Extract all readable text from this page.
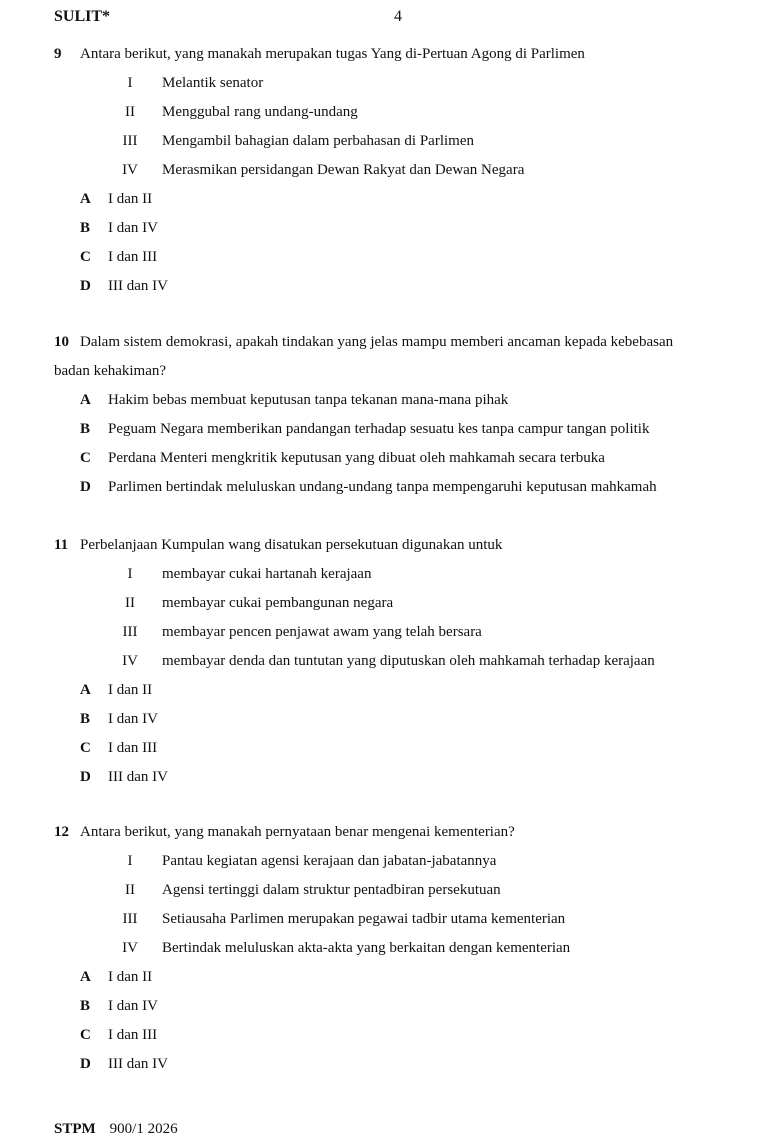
SULIT*	4
9	Antara berikut, yang manakah merupakan tugas Yang di-Pertuan Agong di Parlimen
I	Melantik senator
II	Menggubal rang undang-undang
III	Mengambil bahagian dalam perbahasan di Parlimen
IV	Merasmikan persidangan Dewan Rakyat dan Dewan Negara
A	I dan II
B	I dan IV
C	I dan III
D	III dan IV
10 Dalam sistem demokrasi, apakah tindakan yang jelas mampu memberi ancaman kepada kebebasan
badan kehakiman?
A	Hakim bebas membuat keputusan tanpa tekanan mana-mana pihak
B	Peguam Negara memberikan pandangan terhadap sesuatu kes tanpa campur tangan politik
C	Perdana Menteri mengkritik keputusan yang dibuat oleh mahkamah secara terbuka
D	Parlimen bertindak meluluskan undang-undang tanpa mempengaruhi keputusan mahkamah
11 Perbelanjaan Kumpulan wang disatukan persekutuan digunakan untuk
I	membayar cukai hartanah kerajaan
II	membayar cukai pembangunan negara
III	membayar pencen penjawat awam yang telah bersara
IV	membayar denda dan tuntutan yang diputuskan oleh mahkamah terhadap kerajaan
A	I dan II
B	I dan IV
C	I dan III
D	III dan IV
12 Antara berikut, yang manakah pernyataan benar mengenai kementerian?
I	Pantau kegiatan agensi kerajaan dan jabatan-jabatannya
II	Agensi tertinggi dalam struktur pentadbiran persekutuan
III	Setiausaha Parlimen merupakan pegawai tadbir utama kementerian
IV	Bertindak meluluskan akta-akta yang berkaitan dengan kementerian
A	I dan II
B	I dan IV
C	I dan III
D	III dan IV
STPM 900/1 2026
